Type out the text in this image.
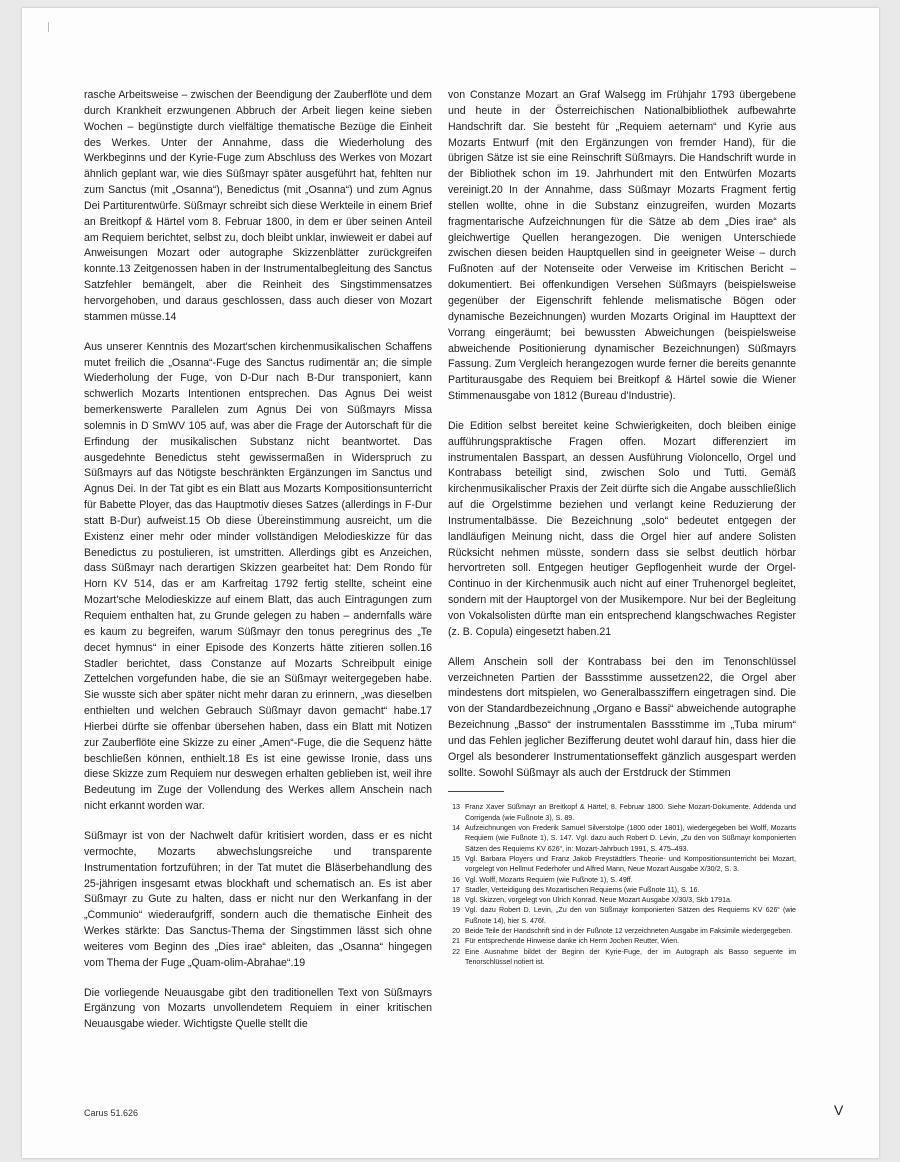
rasche Arbeitsweise – zwischen der Beendigung der Zauberflöte und dem durch Krankheit erzwungenen Abbruch der Arbeit liegen keine sieben Wochen – begünstigte durch vielfältige thematische Bezüge die Einheit des Werkes. Unter der Annahme, dass die Wiederholung des Werkbeginns und der Kyrie-Fuge zum Abschluss des Werkes von Mozart ähnlich geplant war, wie dies Süßmayr später ausgeführt hat, fehlten nur zum Sanctus (mit „Osanna“), Benedictus (mit „Osanna“) und zum Agnus Dei Partiturentwürfe. Süßmayr schreibt sich diese Werkteile in einem Brief an Breitkopf & Härtel vom 8. Februar 1800, in dem er über seinen Anteil am Requiem berichtet, selbst zu, doch bleibt unklar, inwieweit er dabei auf Anweisungen Mozart oder autographe Skizzenblätter zurückgreifen konnte.13 Zeitgenossen haben in der Instrumentalbegleitung des Sanctus Satzfehler bemängelt, aber die Reinheit des Singstimmensatzes hervorgehoben, und daraus geschlossen, dass auch dieser von Mozart stammen müsse.14

Aus unserer Kenntnis des Mozart'schen kirchenmusikalischen Schaffens mutet freilich die „Osanna“-Fuge des Sanctus rudimentär an; die simple Wiederholung der Fuge, von D-Dur nach B-Dur transponiert, kann schwerlich Mozarts Intentionen entsprechen. Das Agnus Dei weist bemerkenswerte Parallelen zum Agnus Dei von Süßmayrs Missa solemnis in D SmWV 105 auf, was aber die Frage der Autorschaft für die Erfindung der musikalischen Substanz nicht beantwortet. Das ausgedehnte Benedictus steht gewissermaßen in Widerspruch zu Süßmayrs auf das Nötigste beschränkten Ergänzungen im Sanctus und Agnus Dei. In der Tat gibt es ein Blatt aus Mozarts Kompositionsunterricht für Babette Ployer, das das Hauptmotiv dieses Satzes (allerdings in F-Dur statt B-Dur) aufweist.15 Ob diese Übereinstimmung ausreicht, um die Existenz einer mehr oder minder vollständigen Melodieskizze für das Benedictus zu postulieren, ist umstritten. Allerdings gibt es Anzeichen, dass Süßmayr nach derartigen Skizzen gearbeitet hat: Dem Rondo für Horn KV 514, das er am Karfreitag 1792 fertig stellte, scheint eine Mozart'sche Melodieskizze auf einem Blatt, das auch Eintragungen zum Requiem enthalten hat, zu Grunde gelegen zu haben – andernfalls wäre es kaum zu begreifen, warum Süßmayr den tonus peregrinus des „Te decet hymnus“ in einer Episode des Konzerts hätte zitieren sollen.16 Stadler berichtet, dass Constanze auf Mozarts Schreibpult einige Zettelchen vorgefunden habe, die sie an Süßmayr weitergegeben habe. Sie wusste sich aber später nicht mehr daran zu erinnern, „was dieselben enthielten und welchen Gebrauch Süßmayr davon gemacht“ habe.17 Hierbei dürfte sie offenbar übersehen haben, dass ein Blatt mit Notizen zur Zauberflöte eine Skizze zu einer „Amen“-Fuge, die die Sequenz hätte beschließen können, enthielt.18 Es ist eine gewisse Ironie, dass uns diese Skizze zum Requiem nur deswegen erhalten geblieben ist, weil ihre Bedeutung im Zuge der Vollendung des Werkes allem Anschein nach nicht erkannt worden war.

Süßmayr ist von der Nachwelt dafür kritisiert worden, dass er es nicht vermochte, Mozarts abwechslungsreiche und transparente Instrumentation fortzuführen; in der Tat mutet die Bläserbehandlung des 25-jährigen insgesamt etwas blockhaft und schematisch an. Es ist aber Süßmayr zu Gute zu halten, dass er nicht nur den Werkanfang in der „Communio“ wiederaufgriff, sondern auch die thematische Einheit des Werkes stärkte: Das Sanctus-Thema der Singstimmen lässt sich ohne weiteres vom Beginn des „Dies irae“ ableiten, das „Osanna“ hingegen vom Thema der Fuge „Quam-olim-Abrahae“.19

Die vorliegende Neuausgabe gibt den traditionellen Text von Süßmayrs Ergänzung von Mozarts unvollendetem Requiem in einer kritischen Neuausgabe wieder. Wichtigste Quelle stellt die

von Constanze Mozart an Graf Walsegg im Frühjahr 1793 übergebene und heute in der Österreichischen Nationalbibliothek aufbewahrte Handschrift dar. Sie besteht für „Requiem aeternam“ und Kyrie aus Mozarts Entwurf (mit den Ergänzungen von fremder Hand), für die übrigen Sätze ist sie eine Reinschrift Süßmayrs. Die Handschrift wurde in der Bibliothek schon im 19. Jahrhundert mit den Entwürfen Mozarts vereinigt.20 In der Annahme, dass Süßmayr Mozarts Fragment fertig stellen wollte, ohne in die Substanz einzugreifen, wurden Mozarts fragmentarische Aufzeichnungen für die Sätze ab dem „Dies irae“ als gleichwertige Quellen herangezogen. Die wenigen Unterschiede zwischen diesen beiden Hauptquellen sind in geeigneter Weise – durch Fußnoten auf der Notenseite oder Verweise im Kritischen Bericht – dokumentiert. Bei offenkundigen Versehen Süßmayrs (beispielsweise gegenüber der Eigenschrift fehlende melismatische Bögen oder dynamische Bezeichnungen) wurden Mozarts Original im Haupttext der Vorrang eingeräumt; bei bewussten Abweichungen (beispielsweise abweichende Positionierung dynamischer Bezeichnungen) Süßmayrs Fassung. Zum Vergleich herangezogen wurde ferner die bereits genannte Partiturausgabe des Requiem bei Breitkopf & Härtel sowie die Wiener Stimmenausgabe von 1812 (Bureau d'Industrie).

Die Edition selbst bereitet keine Schwierigkeiten, doch bleiben einige aufführungspraktische Fragen offen. Mozart differenziert im instrumentalen Basspart, an dessen Ausführung Violoncello, Orgel und Kontrabass beteiligt sind, zwischen Solo und Tutti. Gemäß kirchenmusikalischer Praxis der Zeit dürfte sich die Angabe ausschließlich auf die Orgelstimme beziehen und verlangt keine Reduzierung der Instrumentalbässe. Die Bezeichnung „solo“ bedeutet entgegen der landläufigen Meinung nicht, dass die Orgel hier auf andere Solisten Rücksicht nehmen müsste, sondern dass sie selbst deutlich hörbar hervortreten soll. Entgegen heutiger Gepflogenheit wurde der Orgel-Continuo in der Kirchenmusik auch nicht auf einer Truhenorgel begleitet, sondern mit der Hauptorgel von der Musikempore. Nur bei der Begleitung von Vokalsolisten dürfte man ein entsprechend klangschwaches Register (z. B. Copula) eingesetzt haben.21

Allem Anschein soll der Kontrabass bei den im Tenonschlüssel verzeichneten Partien der Bassstimme aussetzen22, die Orgel aber mindestens dort mitspielen, wo Generalbassziffern eingetragen sind. Die von der Standardbezeichnung „Organo e Bassi“ abweichende autographe Bezeichnung „Basso“ der instrumentalen Bassstimme im „Tuba mirum“ und das Fehlen jeglicher Bezifferung deutet wohl darauf hin, dass hier die Orgel als besonderer Instrumentationseffekt gänzlich ausgespart werden sollte. Sowohl Süßmayr als auch der Erstdruck der Stimmen

13 Franz Xaver Süßmayr an Breitkopf & Härtel, 8. Februar 1800. Siehe Mozart-Dokumente. Addenda und Corrigenda (wie Fußnote 3), S. 89.
14 Aufzeichnungen von Frederik Samuel Silverstolpe (1800 oder 1801), wiedergegeben bei Wolff, Mozarts Requiem (wie Fußnote 1), S. 147. Vgl. dazu auch Robert D. Levin, „Zu den von Süßmayr komponierten Sätzen des Requiems KV 626“, in: Mozart-Jahrbuch 1991, S. 475–493.
15 Vgl. Barbara Ployers und Franz Jakob Freystädtlers Theorie- und Kompositionsunterricht bei Mozart, vorgelegt von Hellmut Federhofer und Alfred Mann, Neue Mozart Ausgabe X/30/2, S. 3.
16 Vgl. Wolff, Mozarts Requiem (wie Fußnote 1), S. 49ff.
17 Stadler, Verteidigung des Mozartischen Requiems (wie Fußnote 11), S. 16.
18 Vgl. Skizzen, vorgelegt von Ulrich Konrad. Neue Mozart Ausgabe X/30/3, Skb 1791a.
19 Vgl. dazu Robert D. Levin, „Zu den von Süßmayr komponierten Sätzen des Requiems KV 626“ (wie Fußnote 14), hier S. 476f.
20 Beide Teile der Handschrift sind in der Fußnote 12 verzeichneten Ausgabe im Faksimile wiedergegeben.
21 Für entsprechende Hinweise danke ich Herrn Jochen Reutter, Wien.
22 Eine Ausnahme bildet der Beginn der Kyrie-Fuge, der im Autograph als Basso seguente im Tenorschlüssel notiert ist.
Carus 51.626	V
